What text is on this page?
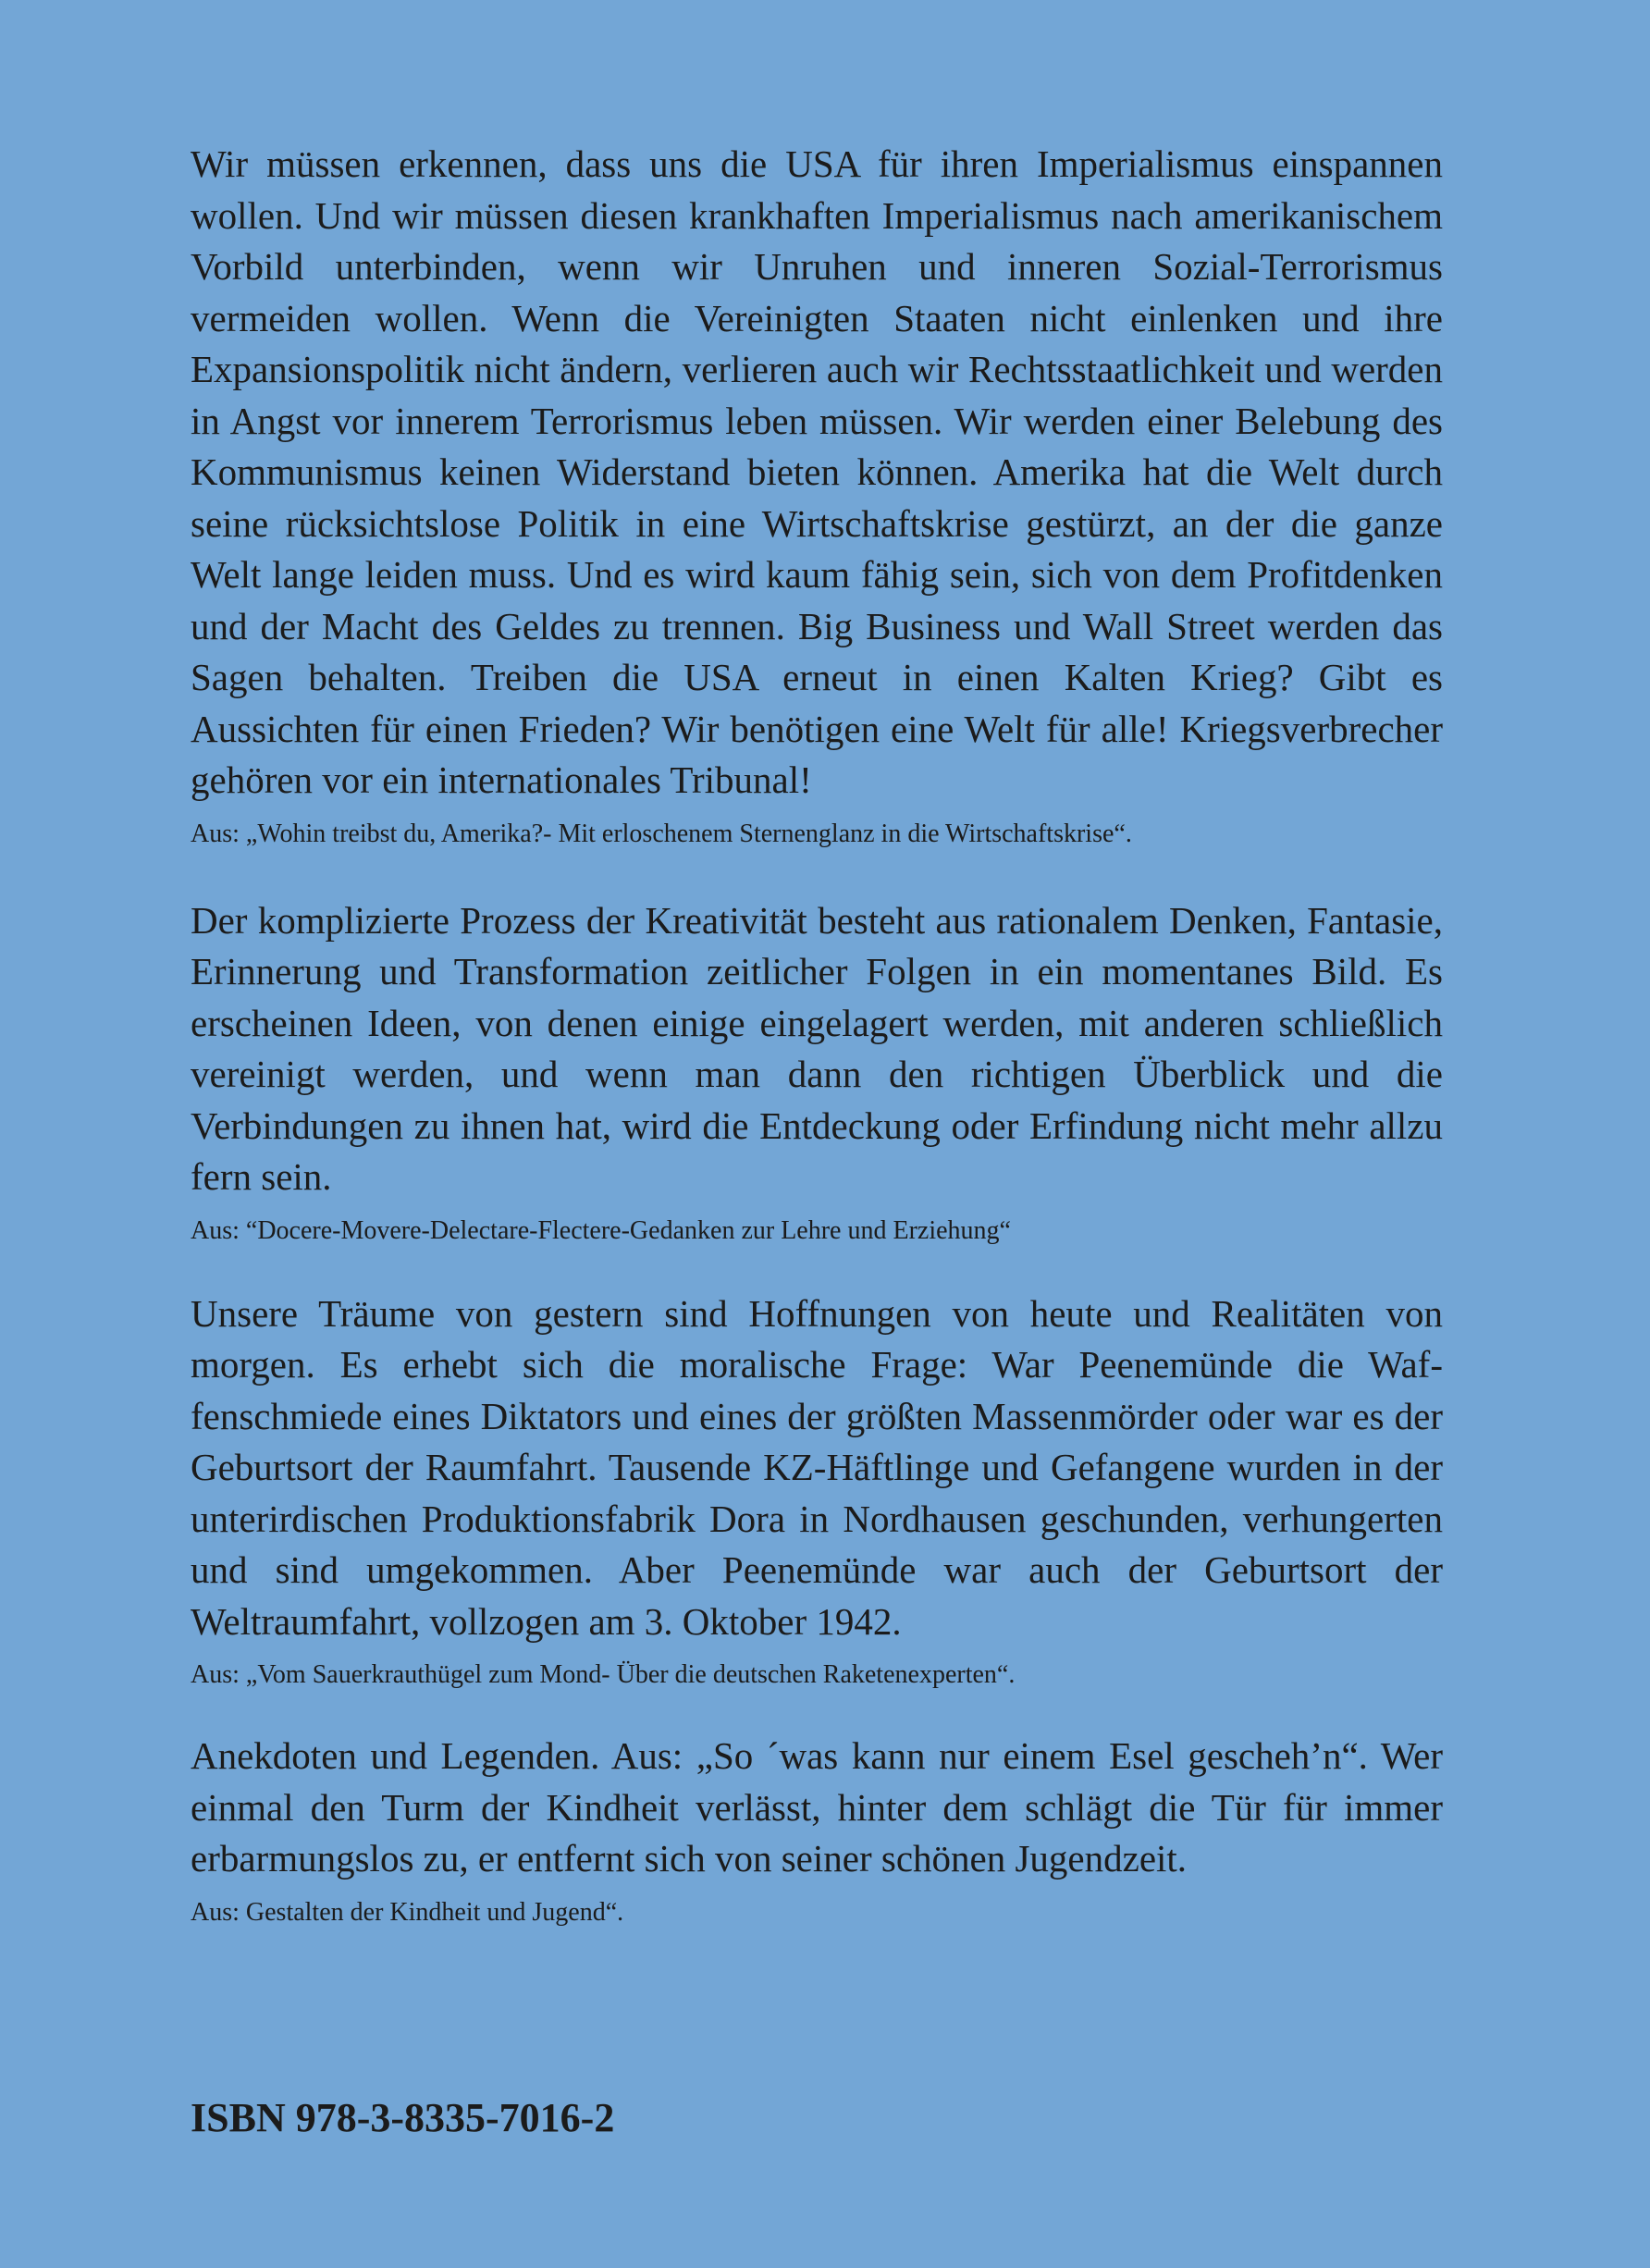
Wir müssen erkennen, dass uns die USA für ihren Imperialismus einspannen wollen. Und wir müssen diesen krankhaften Imperialismus nach amerikanischem Vorbild unterbinden, wenn wir Unruhen und inneren Sozial-Terrorismus vermeiden wollen. Wenn die Vereinigten Staaten nicht einlenken und ihre Expansionspolitik nicht ändern, verlieren auch wir Rechtsstaatlichkeit und werden in Angst vor innerem Terrorismus leben müssen. Wir werden einer Belebung des Kommunismus keinen Widerstand bieten können. Amerika hat die Welt durch seine rücksichtslose Politik in eine Wirtschaftskrise gestürzt, an der die ganze Welt lange leiden muss. Und es wird kaum fähig sein, sich von dem Profitdenken und der Macht des Geldes zu trennen. Big Business und Wall Street werden das Sagen behalten. Treiben die USA erneut in einen Kalten Krieg? Gibt es Aussichten für einen Frieden? Wir benötigen eine Welt für alle! Kriegsverbrecher gehören vor ein internationales Tribunal!

Aus: „Wohin treibst du, Amerika?- Mit erloschenem Sternenglanz in die Wirtschaftskrise“.

Der komplizierte Prozess der Kreativität besteht aus rationalem Denken, Fantasie, Erinnerung und Transformation zeitlicher Folgen in ein momentanes Bild. Es erscheinen Ideen, von denen einige eingelagert werden, mit anderen schließlich vereinigt werden, und wenn man dann den richtigen Überblick und die Verbindungen zu ihnen hat, wird die Entdeckung oder Erfindung nicht mehr allzu fern sein.

Aus: “Docere-Movere-Delectare-Flectere-Gedanken zur Lehre und Erziehung“

Unsere Träume von gestern sind Hoffnungen von heute und Realitäten von morgen. Es erhebt sich die moralische Frage: War Peenemünde die Waffenschmiede eines Diktators und eines der größten Massenmörder oder war es der Geburtsort der Raumfahrt. Tausende KZ-Häftlinge und Gefangene wurden in der unterirdischen Produktionsfabrik Dora in Nordhausen geschunden, verhungerten und sind umgekommen. Aber Peenemünde war auch der Geburtsort der Weltraumfahrt, vollzogen am 3. Oktober 1942.

Aus: „Vom Sauerkrauthügel zum Mond- Über die deutschen Raketenexperten“.

Anekdoten und Legenden. Aus: „So ´was kann nur einem Esel gescheh’n“. Wer einmal den Turm der Kindheit verlässt, hinter dem schlägt die Tür für immer erbarmungslos zu, er entfernt sich von seiner schönen Jugendzeit.

Aus: Gestalten der Kindheit und Jugend“.

ISBN 978-3-8335-7016-2
